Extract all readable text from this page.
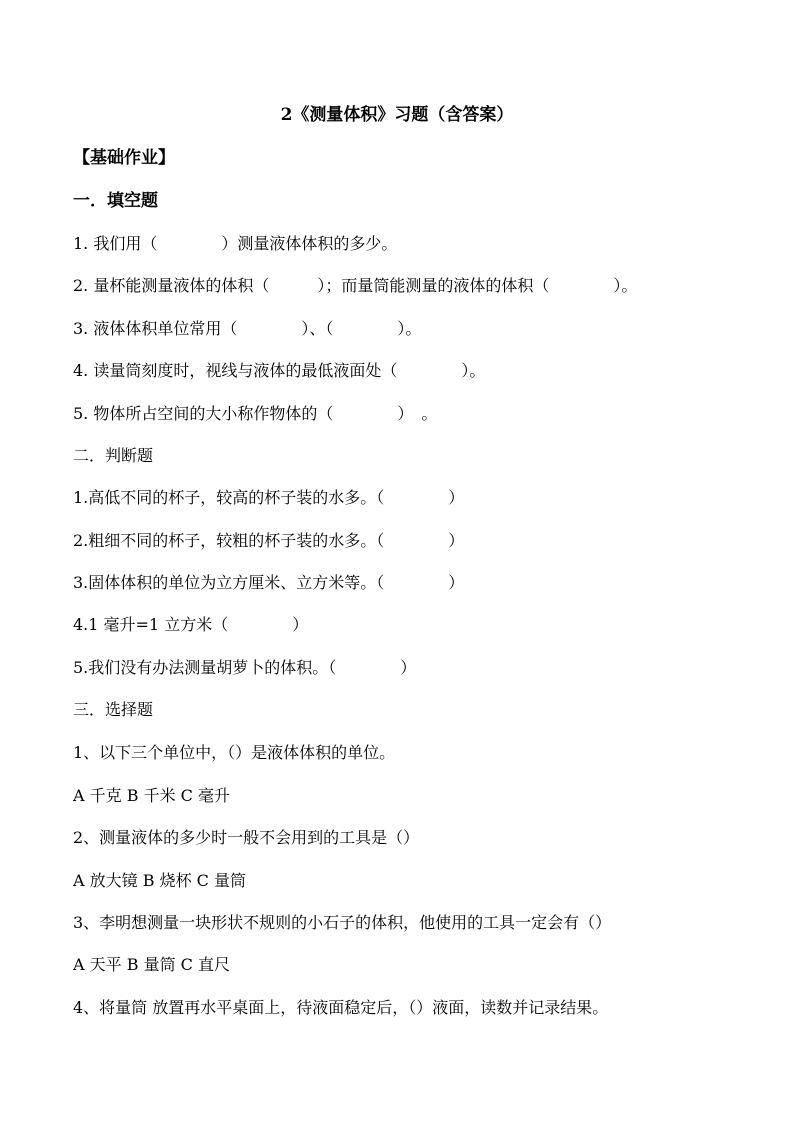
2《测量体积》习题（含答案）
【基础作业】
一．填空题
1. 我们用（　　　　）测量液体体积的多少。
2. 量杯能测量液体的体积（　　　）；而量筒能测量的液体的体积（　　　　）。
3. 液体体积单位常用（　　　　）、（　　　　）。
4. 读量筒刻度时，视线与液体的最低液面处（　　　　）。
5. 物体所占空间的大小称作物体的（　　　　）　。
二．判断题
1.高低不同的杯子，较高的杯子装的水多。（　　　　）
2.粗细不同的杯子，较粗的杯子装的水多。（　　　　）
3.固体体积的单位为立方厘米、立方米等。（　　　　）
4.1 毫升=1 立方米（　　　　）
5.我们没有办法测量胡萝卜的体积。（　　　　）
三．选择题
1、以下三个单位中，（）是液体体积的单位。
A 千克 B 千米 C 毫升
2、测量液体的多少时一般不会用到的工具是（）
A 放大镜 B 烧杯 C 量筒
3、李明想测量一块形状不规则的小石子的体积，他使用的工具一定会有（）
A 天平 B 量筒 C 直尺
4、将量筒 放置再水平桌面上，待液面稳定后，（）液面，读数并记录结果。
